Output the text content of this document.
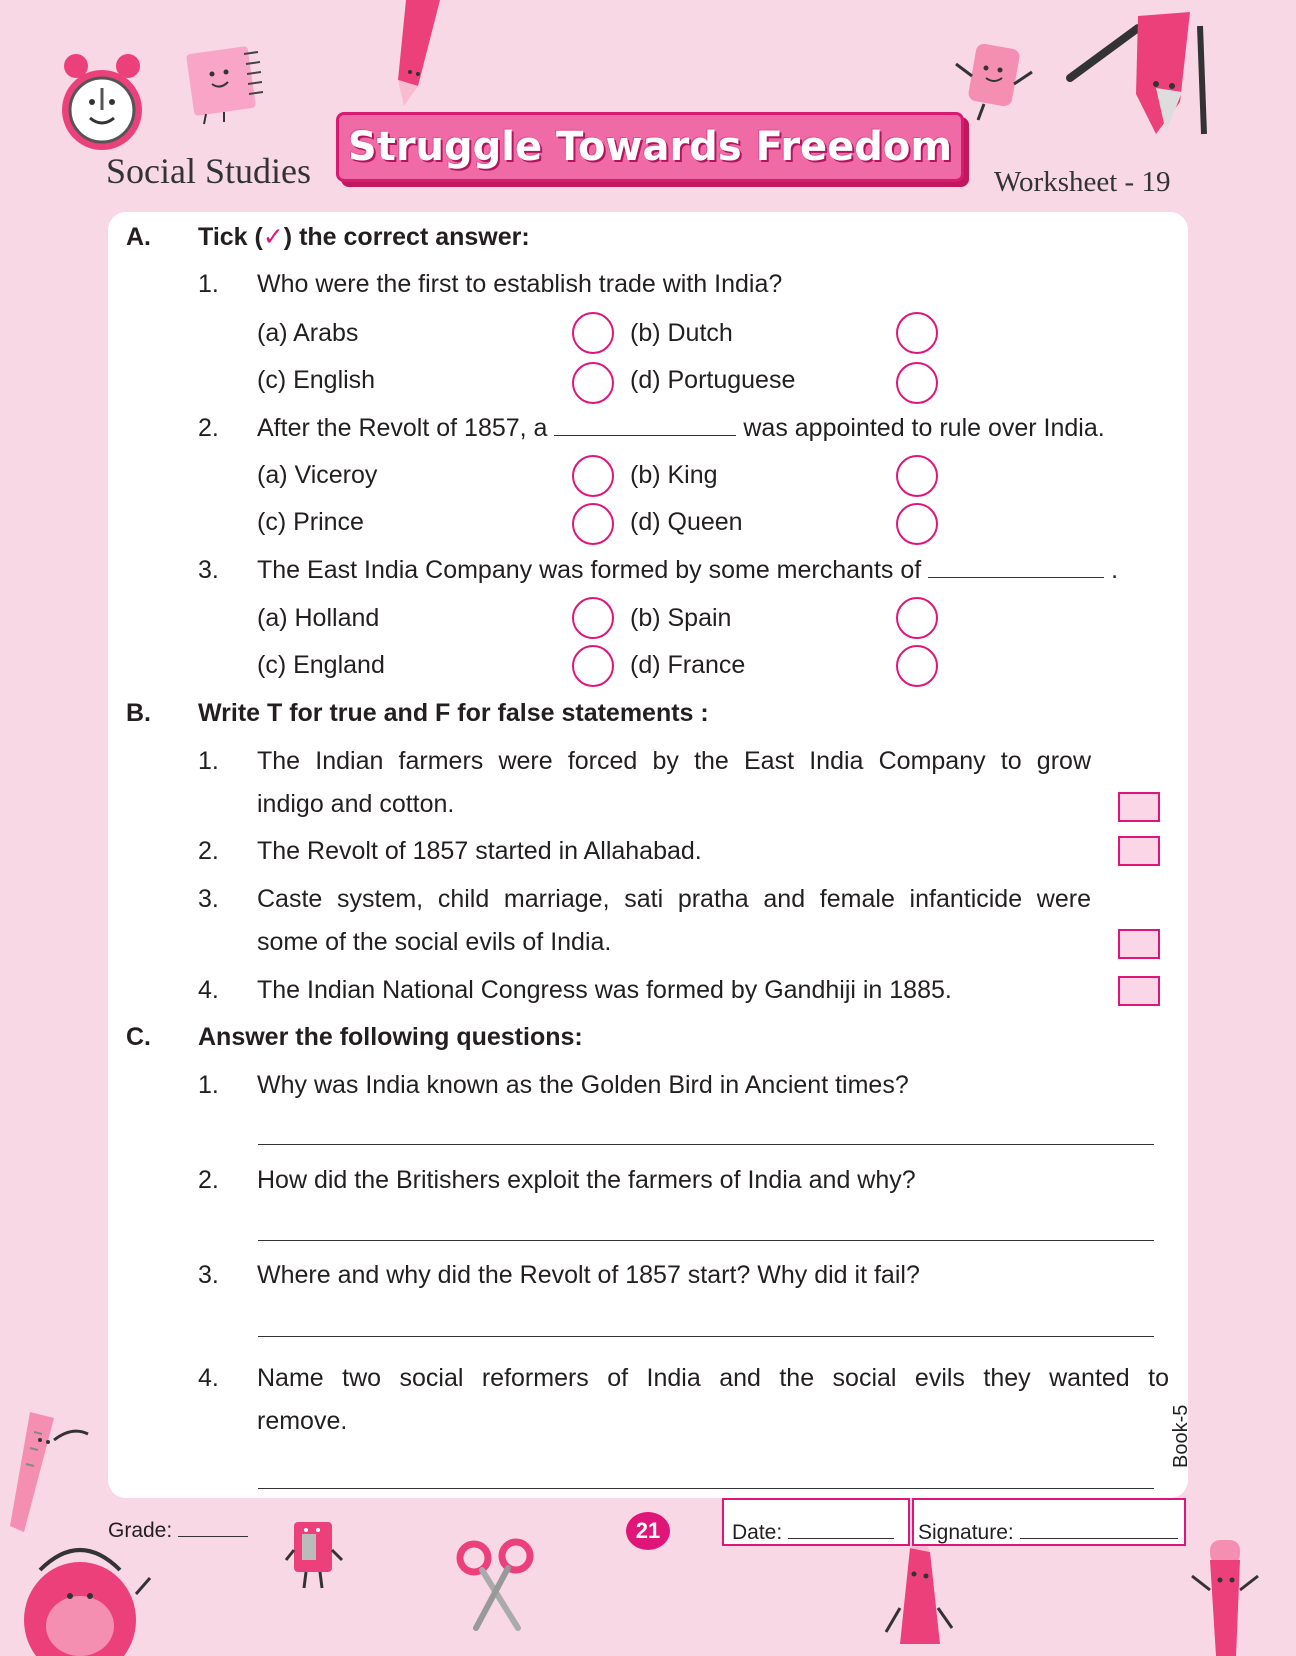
Social Studies
Struggle Towards Freedom
Worksheet - 19
A. Tick (✓) the correct answer:
1. Who were the first to establish trade with India?
(a) Arabs	(b) Dutch
(c) English	(d) Portuguese
2. After the Revolt of 1857, a	was appointed to rule over India.
(a) Viceroy	(b) King
(c) Prince	(d) Queen
3. The East India Company was formed by some merchants of	.
(a) Holland	(b) Spain
(c) England	(d) France
B. Write T for true and F for false statements :
1. The Indian farmers were forced by the East India Company to grow
indigo and cotton.
2. The Revolt of 1857 started in Allahabad.
3. Caste system, child marriage, sati pratha and female infanticide were
some of the social evils of India.
4. The Indian National Congress was formed by Gandhiji in 1885.
C. Answer the following questions:
1. Why was India known as the Golden Bird in Ancient times?
2. How did the Britishers exploit the farmers of India and why?
3. Where and why did the Revolt of 1857 start? Why did it fail?
4. Name two social reformers of India and the social evils they wanted to
remove.	Book-5
Grade:	21	Date:	Signature:
